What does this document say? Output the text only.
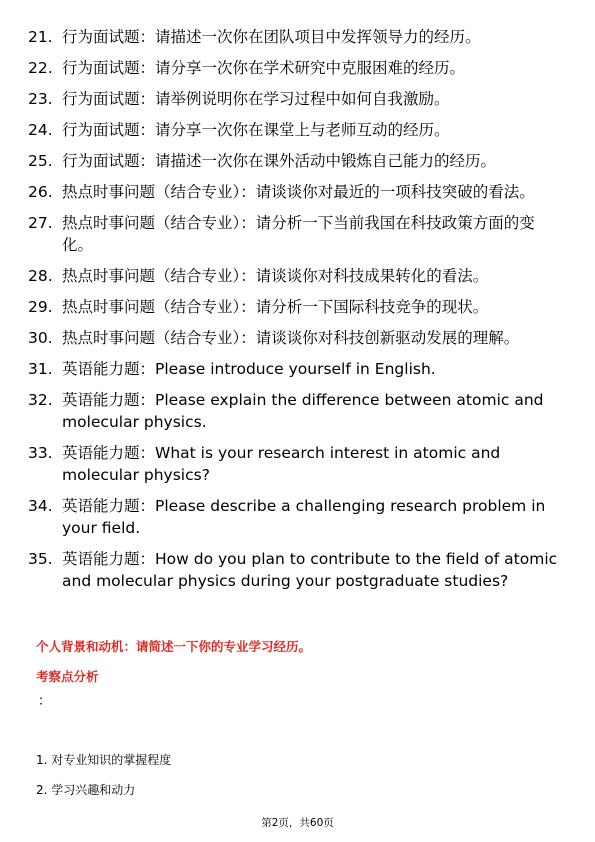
21. 行为面试题：请描述一次你在团队项目中发挥领导力的经历。
22. 行为面试题：请分享一次你在学术研究中克服困难的经历。
23. 行为面试题：请举例说明你在学习过程中如何自我激励。
24. 行为面试题：请分享一次你在课堂上与老师互动的经历。
25. 行为面试题：请描述一次你在课外活动中锻炼自己能力的经历。
26. 热点时事问题（结合专业）：请谈谈你对最近的一项科技突破的看法。
27. 热点时事问题（结合专业）：请分析一下当前我国在科技政策方面的变化。
28. 热点时事问题（结合专业）：请谈谈你对科技成果转化的看法。
29. 热点时事问题（结合专业）：请分析一下国际科技竞争的现状。
30. 热点时事问题（结合专业）：请谈谈你对科技创新驱动发展的理解。
31. 英语能力题：Please introduce yourself in English.
32. 英语能力题：Please explain the difference between atomic and molecular physics.
33. 英语能力题：What is your research interest in atomic and molecular physics?
34. 英语能力题：Please describe a challenging research problem in your field.
35. 英语能力题：How do you plan to contribute to the field of atomic and molecular physics during your postgraduate studies?
个人背景和动机：请简述一下你的专业学习经历。
考察点分析
：
1. 对专业知识的掌握程度
2. 学习兴趣和动力
第2页，共60页
